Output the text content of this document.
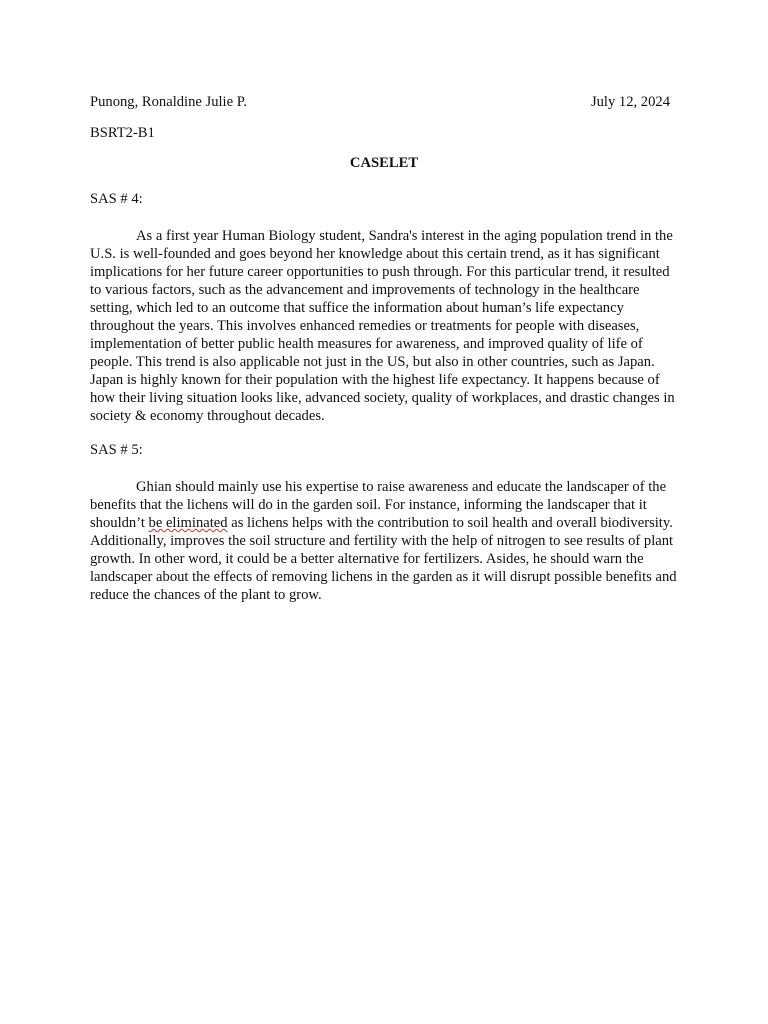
Punong, Ronaldine Julie P.	July 12, 2024
BSRT2-B1
CASELET
SAS # 4:

As a first year Human Biology student, Sandra's interest in the aging population trend in the U.S. is well-founded and goes beyond her knowledge about this certain trend, as it has significant implications for her future career opportunities to push through. For this particular trend, it resulted to various factors, such as the advancement and improvements of technology in the healthcare setting, which led to an outcome that suffice the information about human’s life expectancy throughout the years. This involves enhanced remedies or treatments for people with diseases, implementation of better public health measures for awareness, and improved quality of life of people. This trend is also applicable not just in the US, but also in other countries, such as Japan. Japan is highly known for their population with the highest life expectancy. It happens because of how their living situation looks like, advanced society, quality of workplaces, and drastic changes in society & economy throughout decades.

SAS # 5:

Ghian should mainly use his expertise to raise awareness and educate the landscaper of the benefits that the lichens will do in the garden soil. For instance, informing the landscaper that it shouldn’t be eliminated as lichens helps with the contribution to soil health and overall biodiversity. Additionally, improves the soil structure and fertility with the help of nitrogen to see results of plant growth. In other word, it could be a better alternative for fertilizers. Asides, he should warn the landscaper about the effects of removing lichens in the garden as it will disrupt possible benefits and reduce the chances of the plant to grow.
